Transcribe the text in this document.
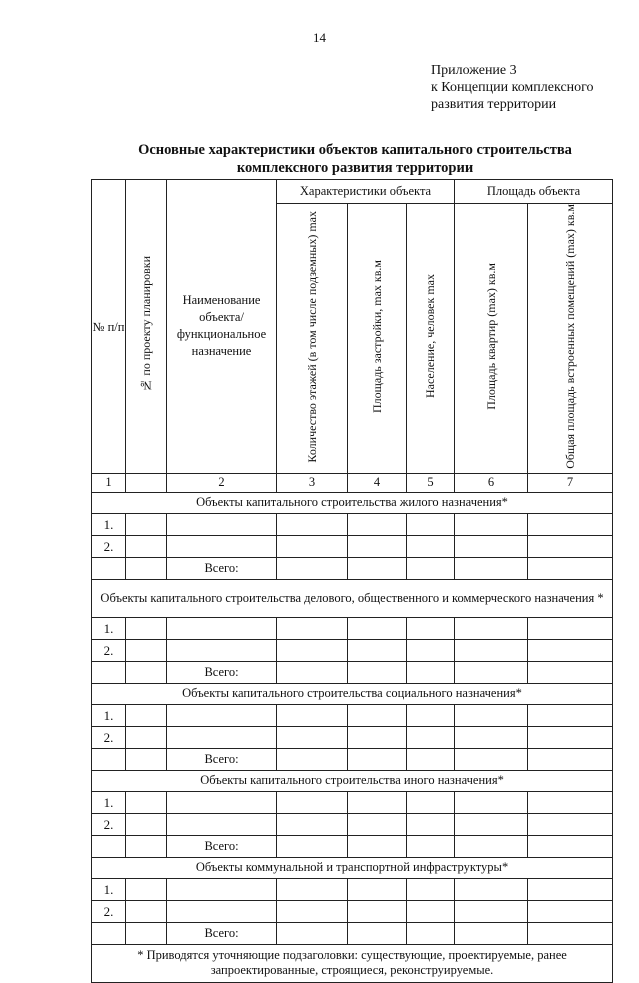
14
Приложение 3
к Концепции комплексного
развития территории
Основные характеристики объектов капитального строительства
комплексного развития территории
№ п/п	№ по проекту планировки	Наименование объекта/ функциональное назначение	Характеристики объекта			Площадь объекта	
			Количество этажей (в том числе подземных) max	Площадь застройки, max кв.м	Население, человек max	Площадь квартир (max) кв.м	Общая площадь встроенных помещений (max) кв.м
1		2	3	4	5	6	7
Объекты капитального строительства жилого назначения*							
1.							
2.							
		Всего:					
Объекты капитального строительства делового, общественного и коммерческого назначения *							
1.							
2.							
		Всего:					
Объекты капитального строительства социального назначения*							
1.							
2.							
		Всего:					
Объекты капитального строительства иного назначения*							
1.							
2.							
		Всего:					
Объекты коммунальной и транспортной инфраструктуры*							
1.							
2.							
		Всего:					
* Приводятся уточняющие подзаголовки: существующие, проектируемые, ранее запроектированные, строящиеся, реконструируемые.							
